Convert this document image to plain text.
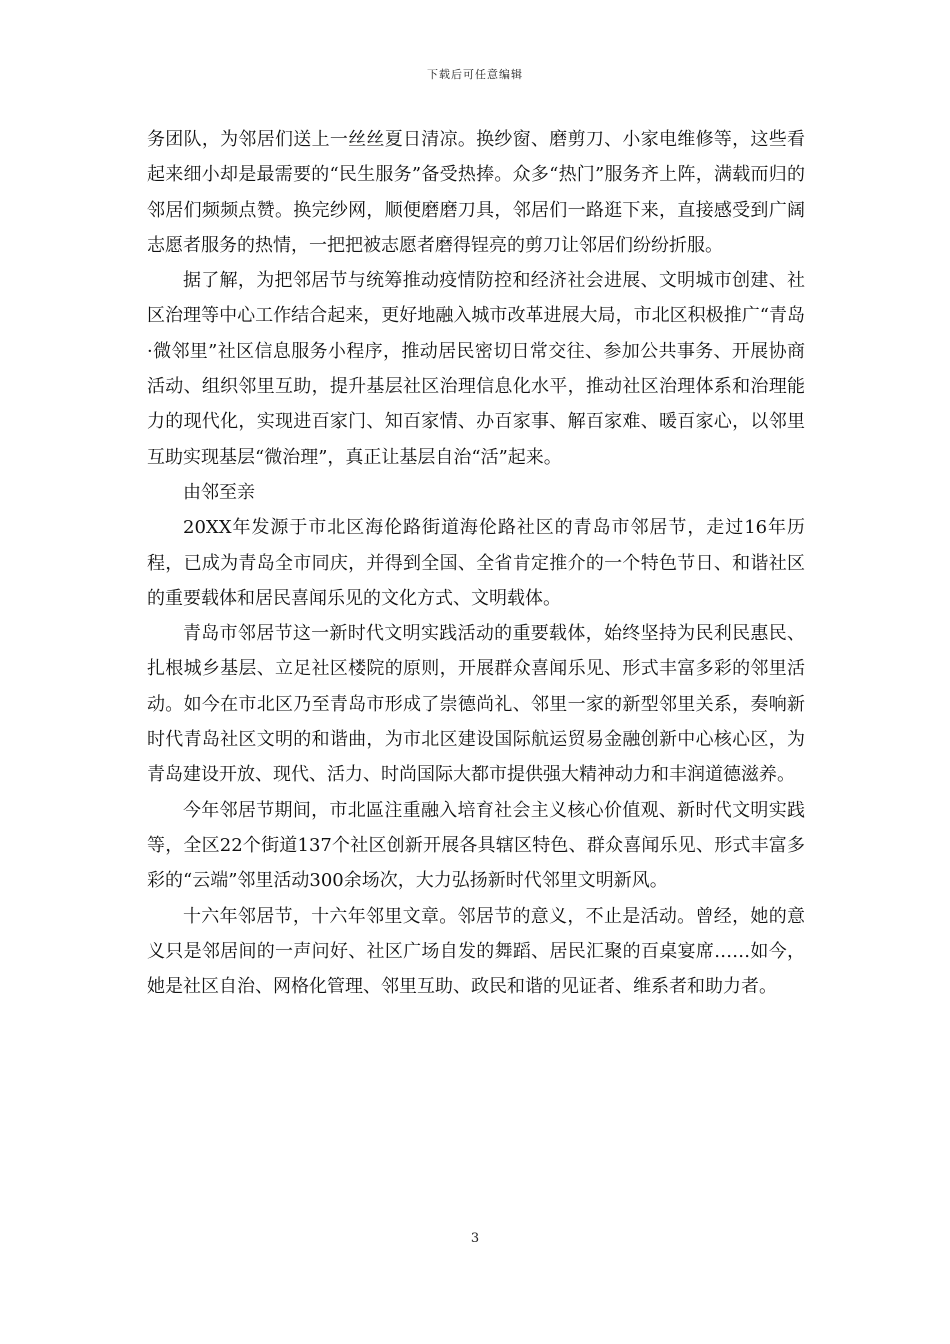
下载后可任意编辑

务团队，为邻居们送上一丝丝夏日清凉。换纱窗、磨剪刀、小家电维修等，这些看起来细小却是最需要的“民生服务”备受热捧。众多“热门”服务齐上阵，满载而归的邻居们频频点赞。换完纱网，顺便磨磨刀具，邻居们一路逛下来，直接感受到广阔志愿者服务的热情，一把把被志愿者磨得锃亮的剪刀让邻居们纷纷折服。

据了解，为把邻居节与统筹推动疫情防控和经济社会进展、文明城市创建、社区治理等中心工作结合起来，更好地融入城市改革进展大局，市北区积极推广“青岛·微邻里”社区信息服务小程序，推动居民密切日常交往、参加公共事务、开展协商活动、组织邻里互助，提升基层社区治理信息化水平，推动社区治理体系和治理能力的现代化，实现进百家门、知百家情、办百家事、解百家难、暖百家心，以邻里互助实现基层“微治理”，真正让基层自治“活”起来。

由邻至亲

20XX年发源于市北区海伦路街道海伦路社区的青岛市邻居节，走过16年历程，已成为青岛全市同庆，并得到全国、全省肯定推介的一个特色节日、和谐社区的重要载体和居民喜闻乐见的文化方式、文明载体。

青岛市邻居节这一新时代文明实践活动的重要载体，始终坚持为民利民惠民、扎根城乡基层、立足社区楼院的原则，开展群众喜闻乐见、形式丰富多彩的邻里活动。如今在市北区乃至青岛市形成了崇德尚礼、邻里一家的新型邻里关系，奏响新时代青岛社区文明的和谐曲，为市北区建设国际航运贸易金融创新中心核心区，为青岛建设开放、现代、活力、时尚国际大都市提供强大精神动力和丰润道德滋养。

今年邻居节期间，市北區注重融入培育社会主义核心价值观、新时代文明实践等，全区22个街道137个社区创新开展各具辖区特色、群众喜闻乐见、形式丰富多彩的“云端”邻里活动300余场次，大力弘扬新时代邻里文明新风。

十六年邻居节，十六年邻里文章。邻居节的意义，不止是活动。曾经，她的意义只是邻居间的一声问好、社区广场自发的舞蹈、居民汇聚的百桌宴席……如今，她是社区自治、网格化管理、邻里互助、政民和谐的见证者、维系者和助力者。

3
